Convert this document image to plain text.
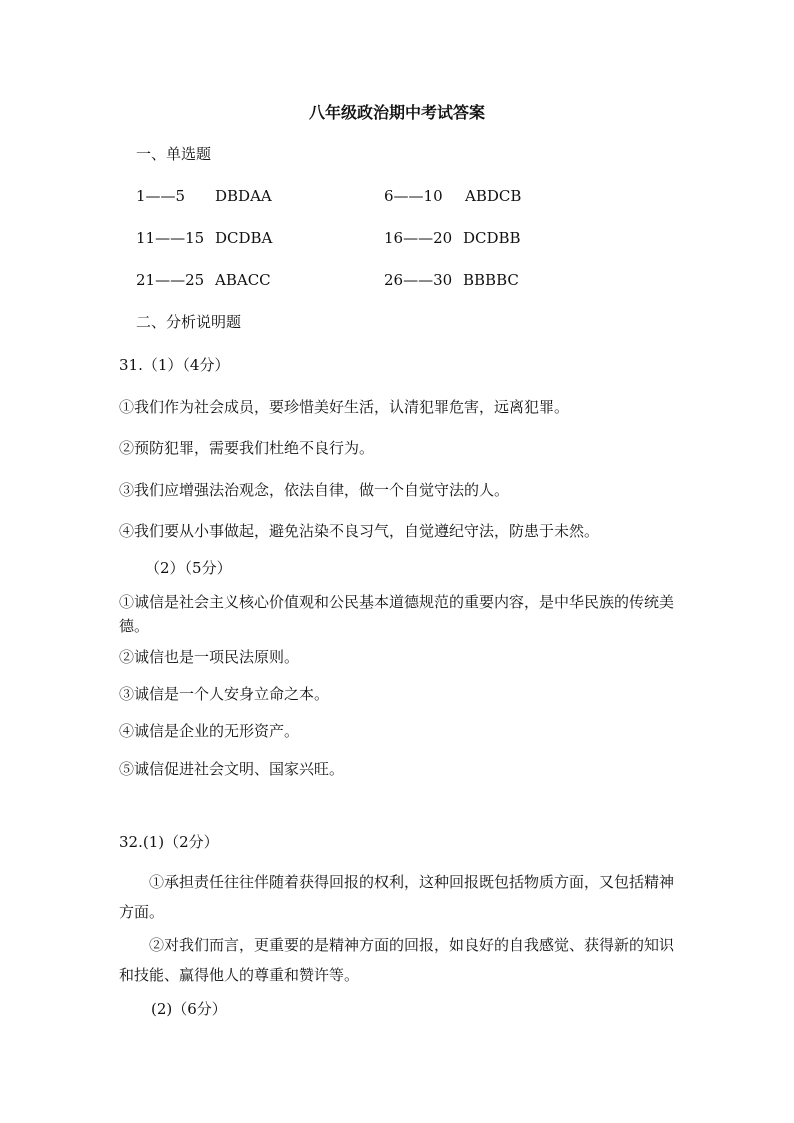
八年级政治期中考试答案
一、单选题
1——5 DBDAA	6——10 ABDCB
11——15 DCDBA	16——20 DCDBB
21——25 ABACC	26——30 BBBBC
二、分析说明题
31.（1）（4分）
①我们作为社会成员，要珍惜美好生活，认清犯罪危害，远离犯罪。
②预防犯罪，需要我们杜绝不良行为。
③我们应增强法治观念，依法自律，做一个自觉守法的人。
④我们要从小事做起，避免沾染不良习气，自觉遵纪守法，防患于未然。
（2）（5分）
①诚信是社会主义核心价值观和公民基本道德规范的重要内容，是中华民族的传统美德。
②诚信也是一项民法原则。
③诚信是一个人安身立命之本。
④诚信是企业的无形资产。
⑤诚信促进社会文明、国家兴旺。
32.(1)（2分）
①承担责任往往伴随着获得回报的权利，这种回报既包括物质方面，又包括精神方面。
②对我们而言，更重要的是精神方面的回报，如良好的自我感觉、获得新的知识和技能、赢得他人的尊重和赞许等。
(2)（6分）
